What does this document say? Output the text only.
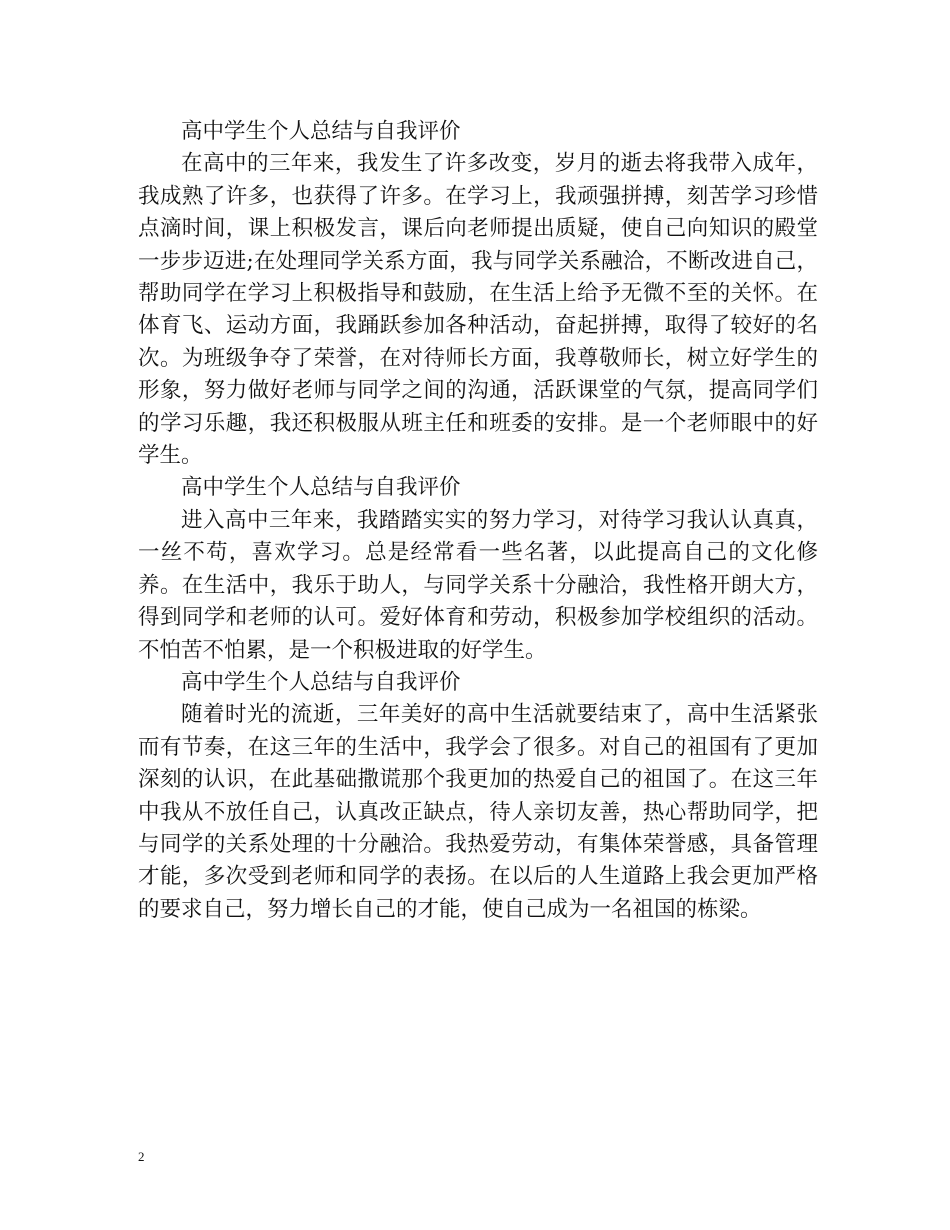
高中学生个人总结与自我评价

在高中的三年来，我发生了许多改变，岁月的逝去将我带入成年，我成熟了许多，也获得了许多。在学习上，我顽强拼搏，刻苦学习珍惜点滴时间，课上积极发言，课后向老师提出质疑，使自己向知识的殿堂一步步迈进;在处理同学关系方面，我与同学关系融洽，不断改进自己，帮助同学在学习上积极指导和鼓励，在生活上给予无微不至的关怀。在体育飞、运动方面，我踊跃参加各种活动，奋起拼搏，取得了较好的名次。为班级争夺了荣誉，在对待师长方面，我尊敬师长，树立好学生的形象，努力做好老师与同学之间的沟通，活跃课堂的气氛，提高同学们的学习乐趣，我还积极服从班主任和班委的安排。是一个老师眼中的好学生。

高中学生个人总结与自我评价

进入高中三年来，我踏踏实实的努力学习，对待学习我认认真真，一丝不苟，喜欢学习。总是经常看一些名著，以此提高自己的文化修养。在生活中，我乐于助人，与同学关系十分融洽，我性格开朗大方，得到同学和老师的认可。爱好体育和劳动，积极参加学校组织的活动。不怕苦不怕累，是一个积极进取的好学生。

高中学生个人总结与自我评价

随着时光的流逝，三年美好的高中生活就要结束了，高中生活紧张而有节奏，在这三年的生活中，我学会了很多。对自己的祖国有了更加深刻的认识，在此基础撒谎那个我更加的热爱自己的祖国了。在这三年中我从不放任自己，认真改正缺点，待人亲切友善，热心帮助同学，把与同学的关系处理的十分融洽。我热爱劳动，有集体荣誉感，具备管理才能，多次受到老师和同学的表扬。在以后的人生道路上我会更加严格的要求自己，努力增长自己的才能，使自己成为一名祖国的栋梁。

2
